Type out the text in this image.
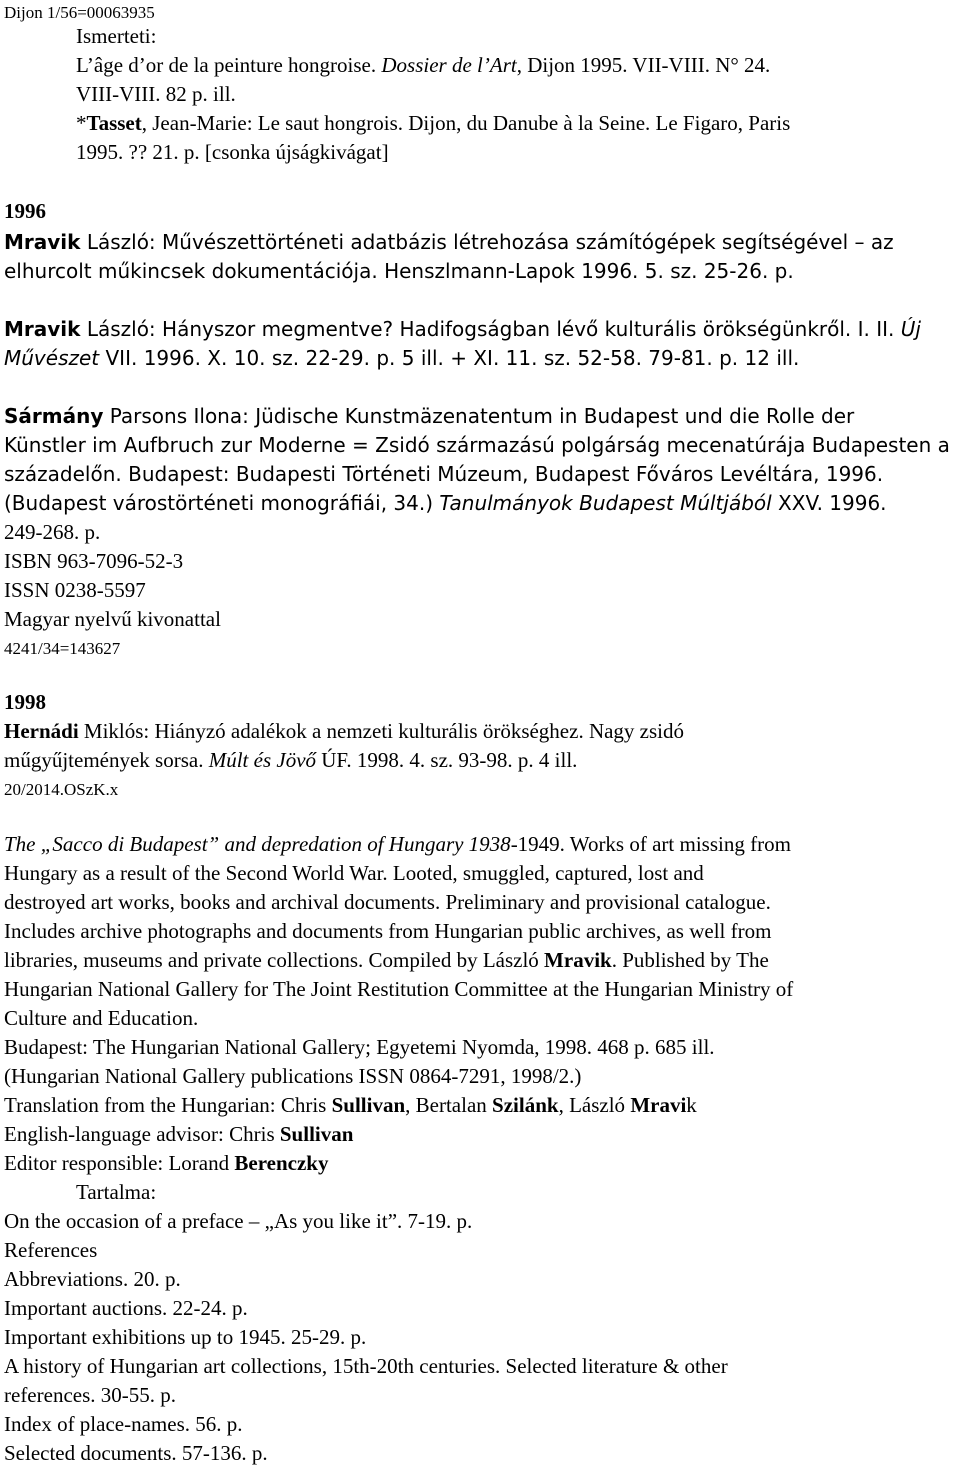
Dijon 1/56=00063935
Ismerteti:
L’âge d’or de la peinture hongroise. Dossier de l’Art, Dijon 1995. VII-VIII. N° 24.
VIII-VIII. 82 p. ill.
*Tasset, Jean-Marie: Le saut hongrois. Dijon, du Danube à la Seine. Le Figaro, Paris
1995. ?? 21. p. [csonka újságkivágat]
1996
Mravik László: Művészettörténeti adatbázis létrehozása számítógépek segítségével – az
elhurcolt műkincsek dokumentációja. Henszlmann-Lapok 1996. 5. sz. 25-26. p.
Mravik László: Hányszor megmentve? Hadifogságban lévő kulturális örökségünkről. I. II. Új
Művészet VII. 1996. X. 10. sz. 22-29. p. 5 ill. + XI. 11. sz. 52-58. 79-81. p. 12 ill.
Sármány Parsons Ilona: Jüdische Kunstmäzenatentum in Budapest und die Rolle der
Künstler im Aufbruch zur Moderne = Zsidó származású polgárság mecenatúrája Budapesten a
századelőn. Budapest: Budapesti Történeti Múzeum, Budapest Főváros Levéltára, 1996.
(Budapest várostörténeti monográfiái, 34.) Tanulmányok Budapest Múltjából XXV. 1996.
249-268. p.
ISBN 963-7096-52-3
ISSN 0238-5597
Magyar nyelvű kivonattal
4241/34=143627
1998
Hernádi Miklós: Hiányzó adalékok a nemzeti kulturális örökséghez. Nagy zsidó
műgyűjtemények sorsa. Múlt és Jövő ÚF. 1998. 4. sz. 93-98. p. 4 ill.
20/2014.OSzK.x
The „Sacco di Budapest” and depredation of Hungary 1938-1949. Works of art missing from
Hungary as a result of the Second World War. Looted, smuggled, captured, lost and
destroyed art works, books and archival documents. Preliminary and provisional catalogue.
Includes archive photographs and documents from Hungarian public archives, as well from
libraries, museums and private collections. Compiled by László Mravik. Published by The
Hungarian National Gallery for The Joint Restitution Committee at the Hungarian Ministry of
Culture and Education.
Budapest: The Hungarian National Gallery; Egyetemi Nyomda, 1998. 468 p. 685 ill.
(Hungarian National Gallery publications ISSN 0864-7291, 1998/2.)
Translation from the Hungarian: Chris Sullivan, Bertalan Szilánk, László Mravik
English-language advisor: Chris Sullivan
Editor responsible: Lorand Berenczky
Tartalma:
On the occasion of a preface – „As you like it”. 7-19. p.
References
Abbreviations. 20. p.
Important auctions. 22-24. p.
Important exhibitions up to 1945. 25-29. p.
A history of Hungarian art collections, 15th-20th centuries. Selected literature & other
references. 30-55. p.
Index of place-names. 56. p.
Selected documents. 57-136. p.
